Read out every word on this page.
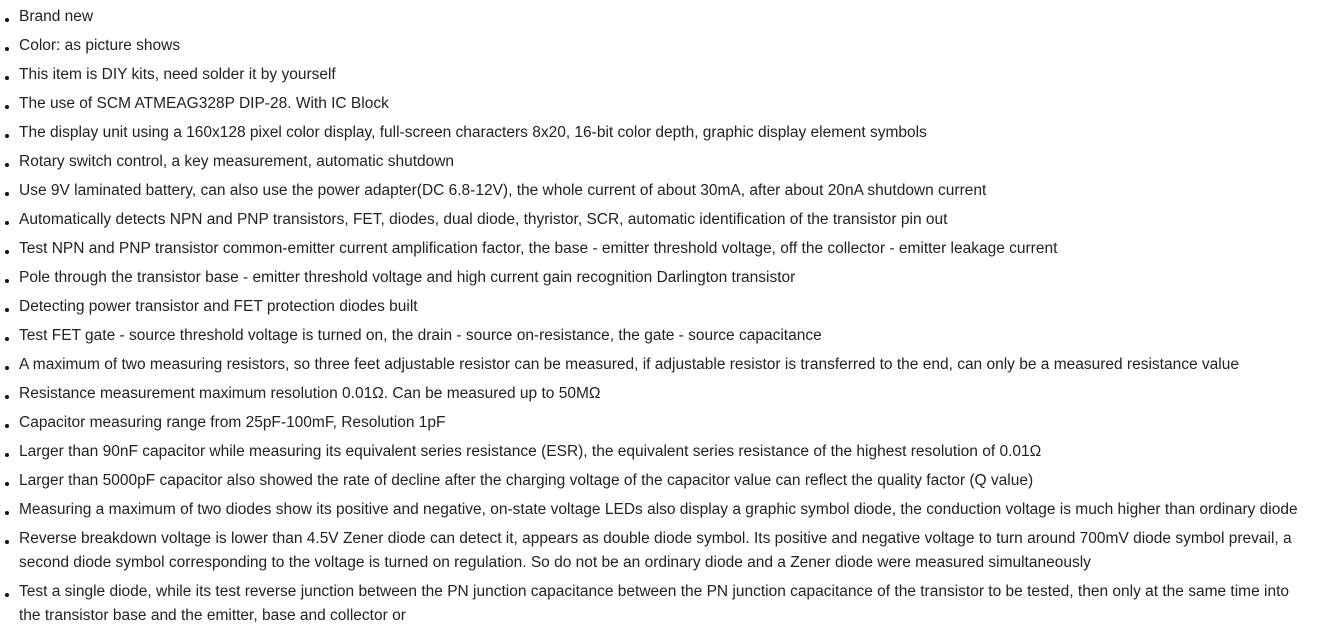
Brand new
Color: as picture shows
This item is DIY kits, need solder it by yourself
The use of SCM ATMEAG328P DIP-28. With IC Block
The display unit using a 160x128 pixel color display, full-screen characters 8x20, 16-bit color depth, graphic display element symbols
Rotary switch control, a key measurement, automatic shutdown
Use 9V laminated battery, can also use the power adapter(DC 6.8-12V), the whole current of about 30mA, after about 20nA shutdown current
Automatically detects NPN and PNP transistors, FET, diodes, dual diode, thyristor, SCR, automatic identification of the transistor pin out
Test NPN and PNP transistor common-emitter current amplification factor, the base - emitter threshold voltage, off the collector - emitter leakage current
Pole through the transistor base - emitter threshold voltage and high current gain recognition Darlington transistor
Detecting power transistor and FET protection diodes built
Test FET gate - source threshold voltage is turned on, the drain - source on-resistance, the gate - source capacitance
A maximum of two measuring resistors, so three feet adjustable resistor can be measured, if adjustable resistor is transferred to the end, can only be a measured resistance value
Resistance measurement maximum resolution 0.01Ω. Can be measured up to 50MΩ
Capacitor measuring range from 25pF-100mF, Resolution 1pF
Larger than 90nF capacitor while measuring its equivalent series resistance (ESR), the equivalent series resistance of the highest resolution of 0.01Ω
Larger than 5000pF capacitor also showed the rate of decline after the charging voltage of the capacitor value can reflect the quality factor (Q value)
Measuring a maximum of two diodes show its positive and negative, on-state voltage LEDs also display a graphic symbol diode, the conduction voltage is much higher than ordinary diode
Reverse breakdown voltage is lower than 4.5V Zener diode can detect it, appears as double diode symbol. Its positive and negative voltage to turn around 700mV diode symbol prevail, a second diode symbol corresponding to the voltage is turned on regulation. So do not be an ordinary diode and a Zener diode were measured simultaneously
Test a single diode, while its test reverse junction between the PN junction capacitance between the PN junction capacitance of the transistor to be tested, then only at the same time into the transistor base and the emitter, base and collector or
